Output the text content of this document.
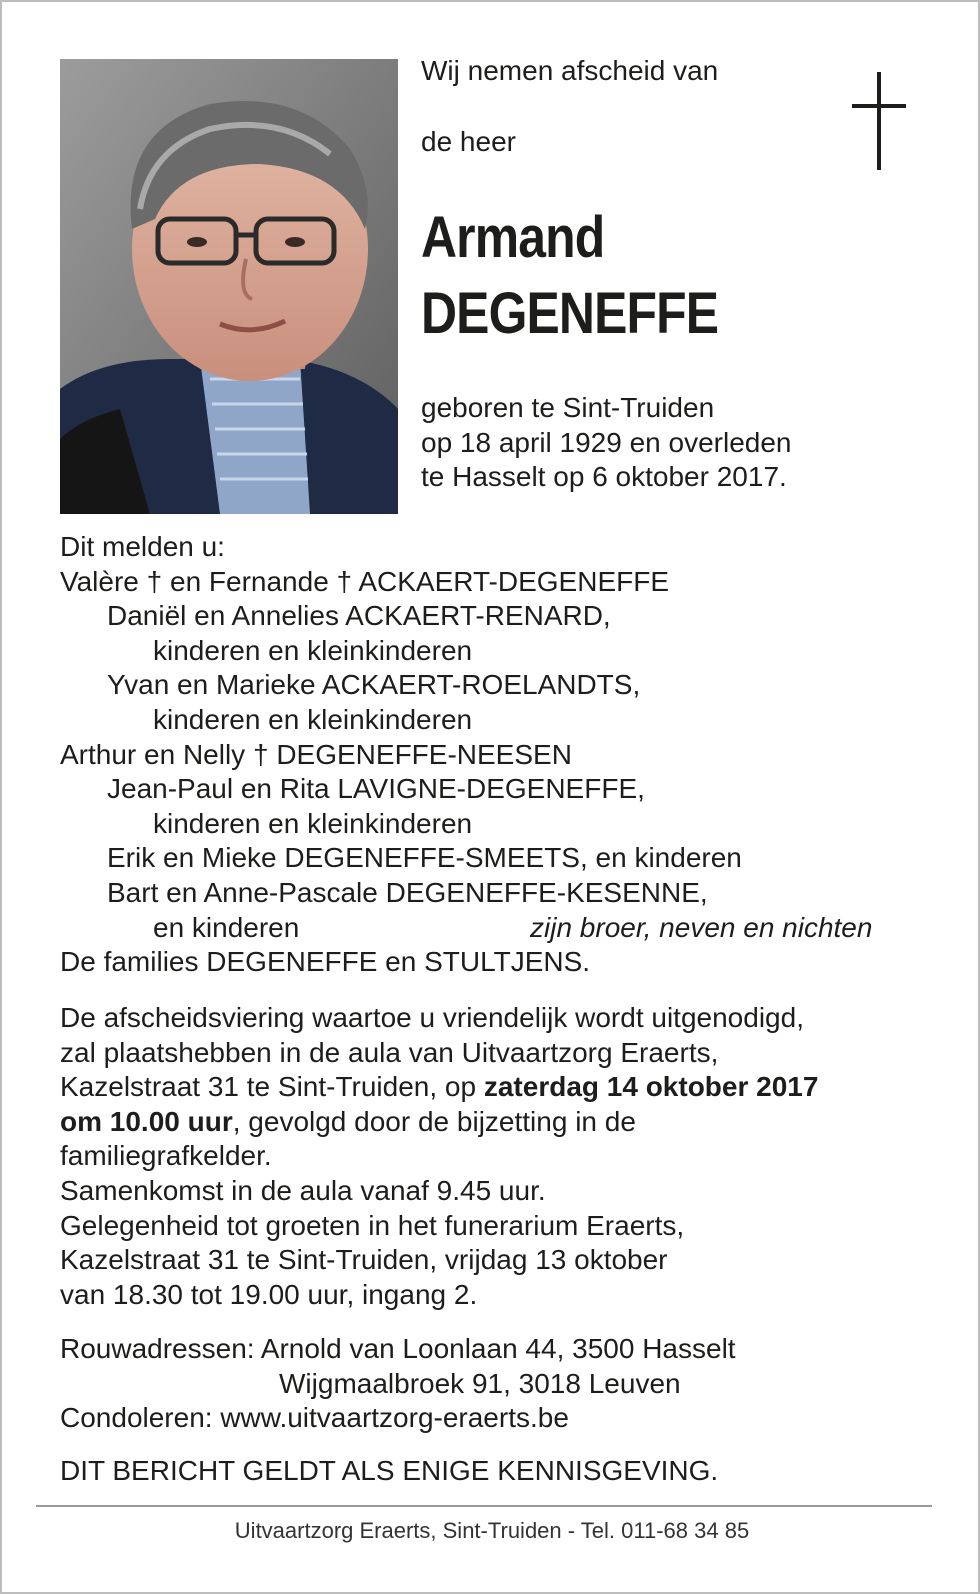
Wij nemen afscheid van
de heer
Armand
DEGENEFFE
geboren te Sint-Truiden
op 18 april 1929 en overleden
te Hasselt op 6 oktober 2017.
Dit melden u:
Valère † en Fernande † ACKAERT-DEGENEFFE
Daniël en Annelies ACKAERT-RENARD,
kinderen en kleinkinderen
Yvan en Marieke ACKAERT-ROELANDTS,
kinderen en kleinkinderen
Arthur en Nelly † DEGENEFFE-NEESEN
Jean-Paul en Rita LAVIGNE-DEGENEFFE,
kinderen en kleinkinderen
Erik en Mieke DEGENEFFE-SMEETS, en kinderen
Bart en Anne-Pascale DEGENEFFE-KESENNE,
en kinderen	zijn broer, neven en nichten
De families DEGENEFFE en STULTJENS.
De afscheidsviering waartoe u vriendelijk wordt uitgenodigd,
zal plaatshebben in de aula van Uitvaartzorg Eraerts,
Kazelstraat 31 te Sint-Truiden, op zaterdag 14 oktober 2017
om 10.00 uur, gevolgd door de bijzetting in de
familiegrafkelder.
Samenkomst in de aula vanaf 9.45 uur.
Gelegenheid tot groeten in het funerarium Eraerts,
Kazelstraat 31 te Sint-Truiden, vrijdag 13 oktober
van 18.30 tot 19.00 uur, ingang 2.
Rouwadressen: Arnold van Loonlaan 44, 3500 Hasselt
Wijgmaalbroek 91, 3018 Leuven
Condoleren: www.uitvaartzorg-eraerts.be
DIT BERICHT GELDT ALS ENIGE KENNISGEVING.
Uitvaartzorg Eraerts, Sint-Truiden - Tel. 011-68 34 85
